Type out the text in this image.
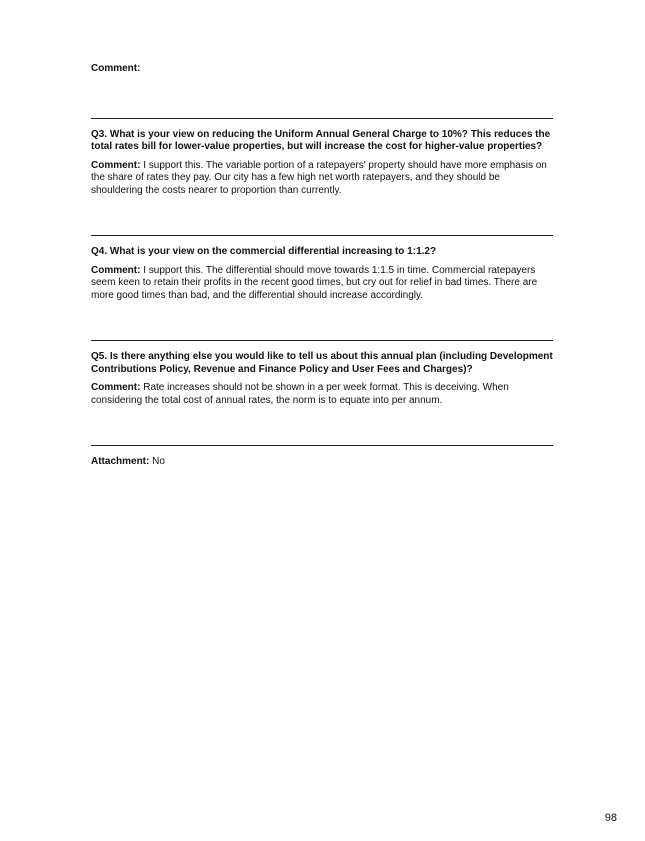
Comment:

Q3. What is your view on reducing the Uniform Annual General Charge to 10%? This reduces the total rates bill for lower-value properties, but will increase the cost for higher-value properties?

Comment: I support this. The variable portion of a ratepayers' property should have more emphasis on the share of rates they pay. Our city has a few high net worth ratepayers, and they should be shouldering the costs nearer to proportion than currently.

Q4. What is your view on the commercial differential increasing to 1:1.2?

Comment: I support this. The differential should move towards 1:1.5 in time. Commercial ratepayers seem keen to retain their profits in the recent good times, but cry out for relief in bad times. There are more good times than bad, and the differential should increase accordingly.

Q5. Is there anything else you would like to tell us about this annual plan (including Development Contributions Policy, Revenue and Finance Policy and User Fees and Charges)?

Comment: Rate increases should not be shown in a per week format. This is deceiving. When considering the total cost of annual rates, the norm is to equate into per annum.

Attachment: No

98
